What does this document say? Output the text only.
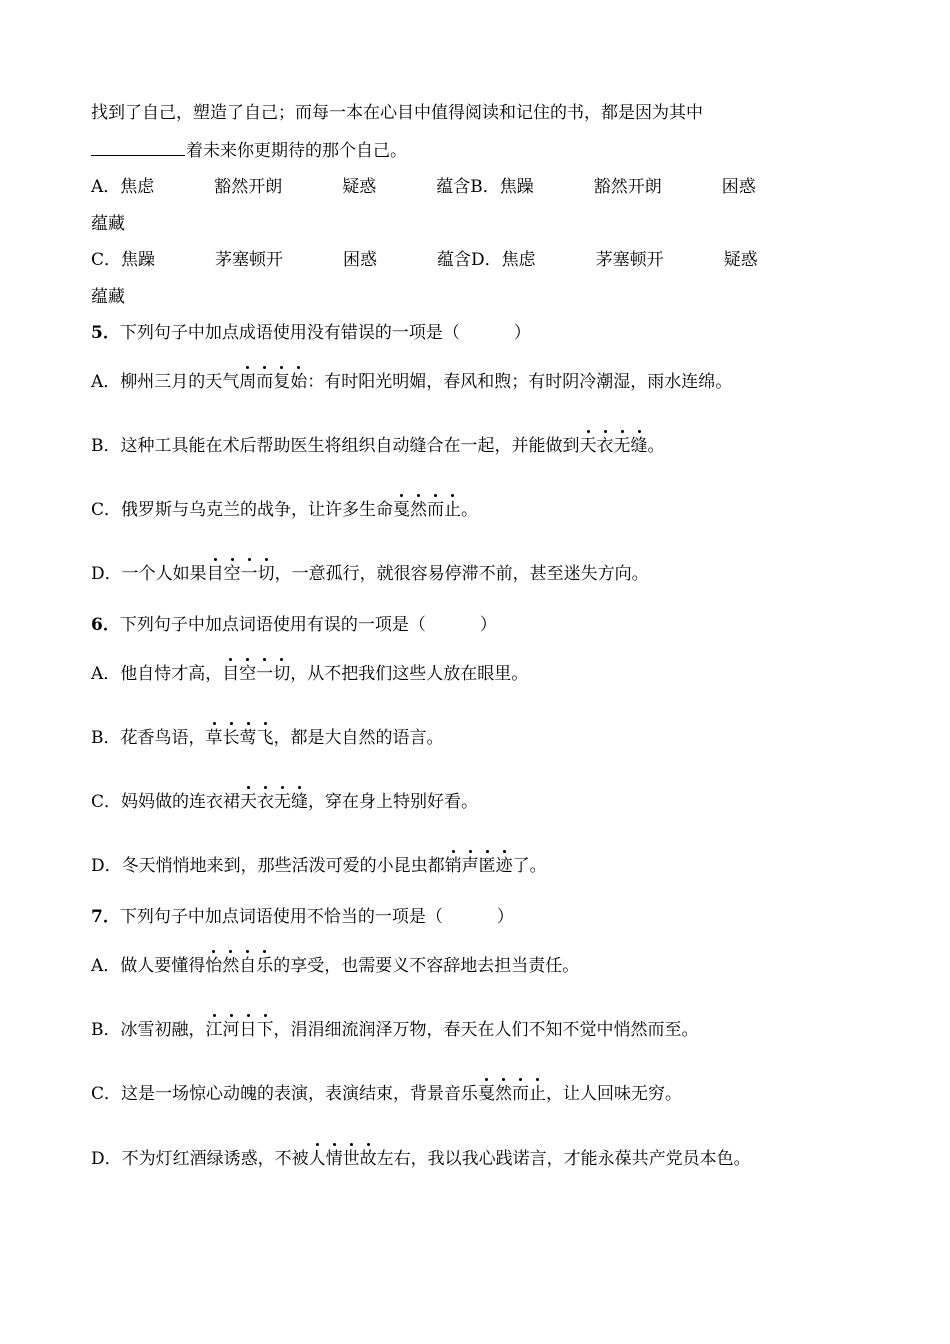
找到了自己，塑造了自己；而每一本在心目中值得阅读和记住的书，都是因为其中
着未来你更期待的那个自己。
A．焦虑	豁然开朗	疑惑	蕴含B．焦躁	豁然开朗	困惑
蕴藏
C．焦躁	茅塞顿开	困惑	蕴含D．焦虑	茅塞顿开	疑惑
蕴藏
5．下列句子中加点成语使用没有错误的一项是（	）
A．柳州三月的天气周而复始：有时阳光明媚，春风和煦；有时阴冷潮湿，雨水连绵。
B．这种工具能在术后帮助医生将组织自动缝合在一起，并能做到天衣无缝。
C．俄罗斯与乌克兰的战争，让许多生命戛然而止。
D．一个人如果目空一切，一意孤行，就很容易停滞不前，甚至迷失方向。
6．下列句子中加点词语使用有误的一项是（	）
A．他自恃才高，目空一切，从不把我们这些人放在眼里。
B．花香鸟语，草长莺飞，都是大自然的语言。
C．妈妈做的连衣裙天衣无缝，穿在身上特别好看。
D．冬天悄悄地来到，那些活泼可爱的小昆虫都销声匿迹了。
7．下列句子中加点词语使用不恰当的一项是（	）
A．做人要懂得怡然自乐的享受，也需要义不容辞地去担当责任。
B．冰雪初融，江河日下，涓涓细流润泽万物，春天在人们不知不觉中悄然而至。
C．这是一场惊心动魄的表演，表演结束，背景音乐戛然而止，让人回味无穷。
D．不为灯红酒绿诱惑，不被人情世故左右，我以我心践诺言，才能永葆共产党员本色。
